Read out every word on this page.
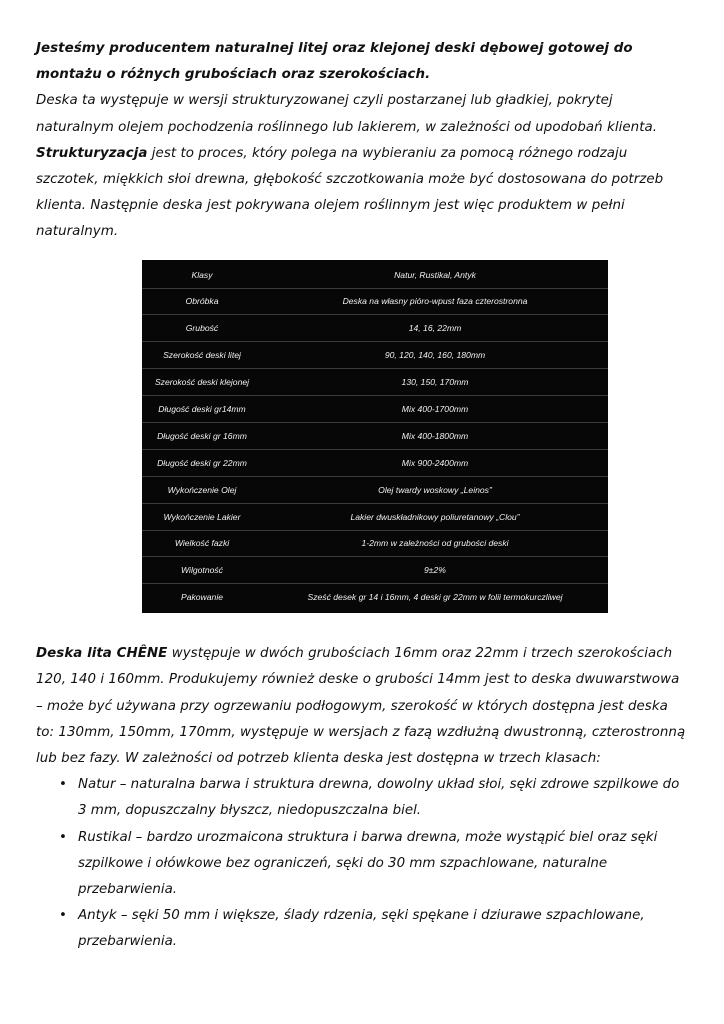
Jesteśmy producentem naturalnej litej oraz klejonej deski dębowej gotowej do montażu o różnych grubościach oraz szerokościach.
Deska ta występuje w wersji strukturyzowanej czyli postarzanej lub gładkiej, pokrytej naturalnym olejem pochodzenia roślinnego lub lakierem, w zależności od upodobań klienta.
Strukturyzacja jest to proces, który polega na wybieraniu za pomocą różnego rodzaju szczotek, miękkich słoi drewna, głębokość szczotkowania może być dostosowana do potrzeb klienta. Następnie deska jest pokrywana olejem roślinnym jest więc produktem w pełni naturalnym.

Klasy	Natur, Rustikal, Antyk
Obróbka	Deska na własny pióro-wpust faza czterostronna
Grubość	14, 16, 22mm
Szerokość deski litej	90, 120, 140, 160, 180mm
Szerokość deski klejonej	130, 150, 170mm
Długość deski gr14mm	Mix 400-1700mm
Długość deski gr 16mm	Mix 400-1800mm
Długość deski gr 22mm	Mix 900-2400mm
Wykończenie Olej	Olej twardy woskowy „Leinos”
Wykończenie Lakier	Lakier dwuskładnikowy poliuretanowy „Clou”
Wielkość fazki	1-2mm w zależności od grubości deski
Wilgotność	9±2%
Pakowanie	Sześć desek gr 14 i 16mm, 4 deski gr 22mm w folii termokurczliwej

Deska lita CHÊNE występuje w dwóch grubościach 16mm oraz 22mm i trzech szerokościach 120, 140 i 160mm. Produkujemy również deske o grubości 14mm jest to deska dwuwarstwowa – może być używana przy ogrzewaniu podłogowym, szerokość w których dostępna jest deska to: 130mm, 150mm, 170mm, występuje w wersjach z fazą wzdłużną dwustronną, czterostronną lub bez fazy. W zależności od potrzeb klienta deska jest dostępna w trzech klasach:

• Natur – naturalna barwa i struktura drewna, dowolny układ słoi, sęki zdrowe szpilkowe do 3 mm, dopuszczalny błyszcz, niedopuszczalna biel.
• Rustikal – bardzo urozmaicona struktura i barwa drewna, może wystąpić biel oraz sęki szpilkowe i ołówkowe bez ograniczeń, sęki do 30 mm szpachlowane, naturalne przebarwienia.
• Antyk – sęki 50 mm i większe, ślady rdzenia, sęki spękane i dziurawe szpachlowane, przebarwienia.
